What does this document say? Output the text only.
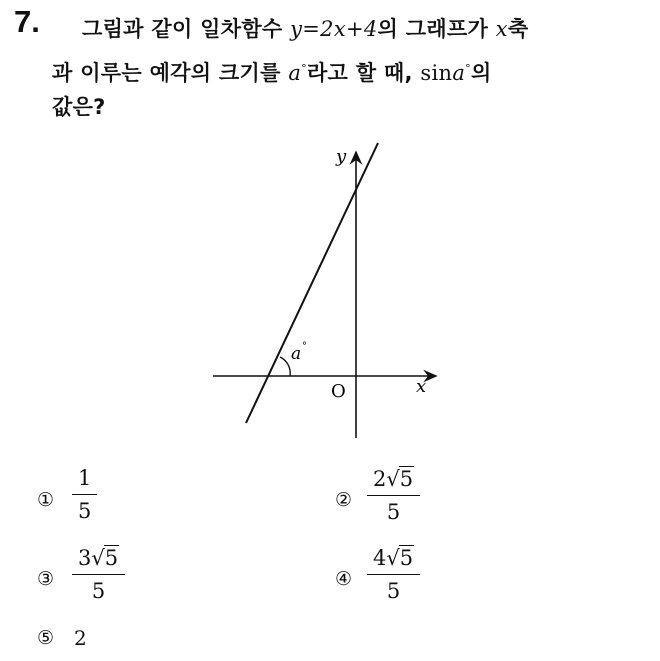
7. 그림과 같이 일차함수 y=2x+4의 그래프가 x축
과 이루는 예각의 크기를 a°라고 할 때, sina°의
값은?
y
x
O
a °
①
1
5	②
2√5
5
③
3√5
5	④
4√5
5
⑤ 2
